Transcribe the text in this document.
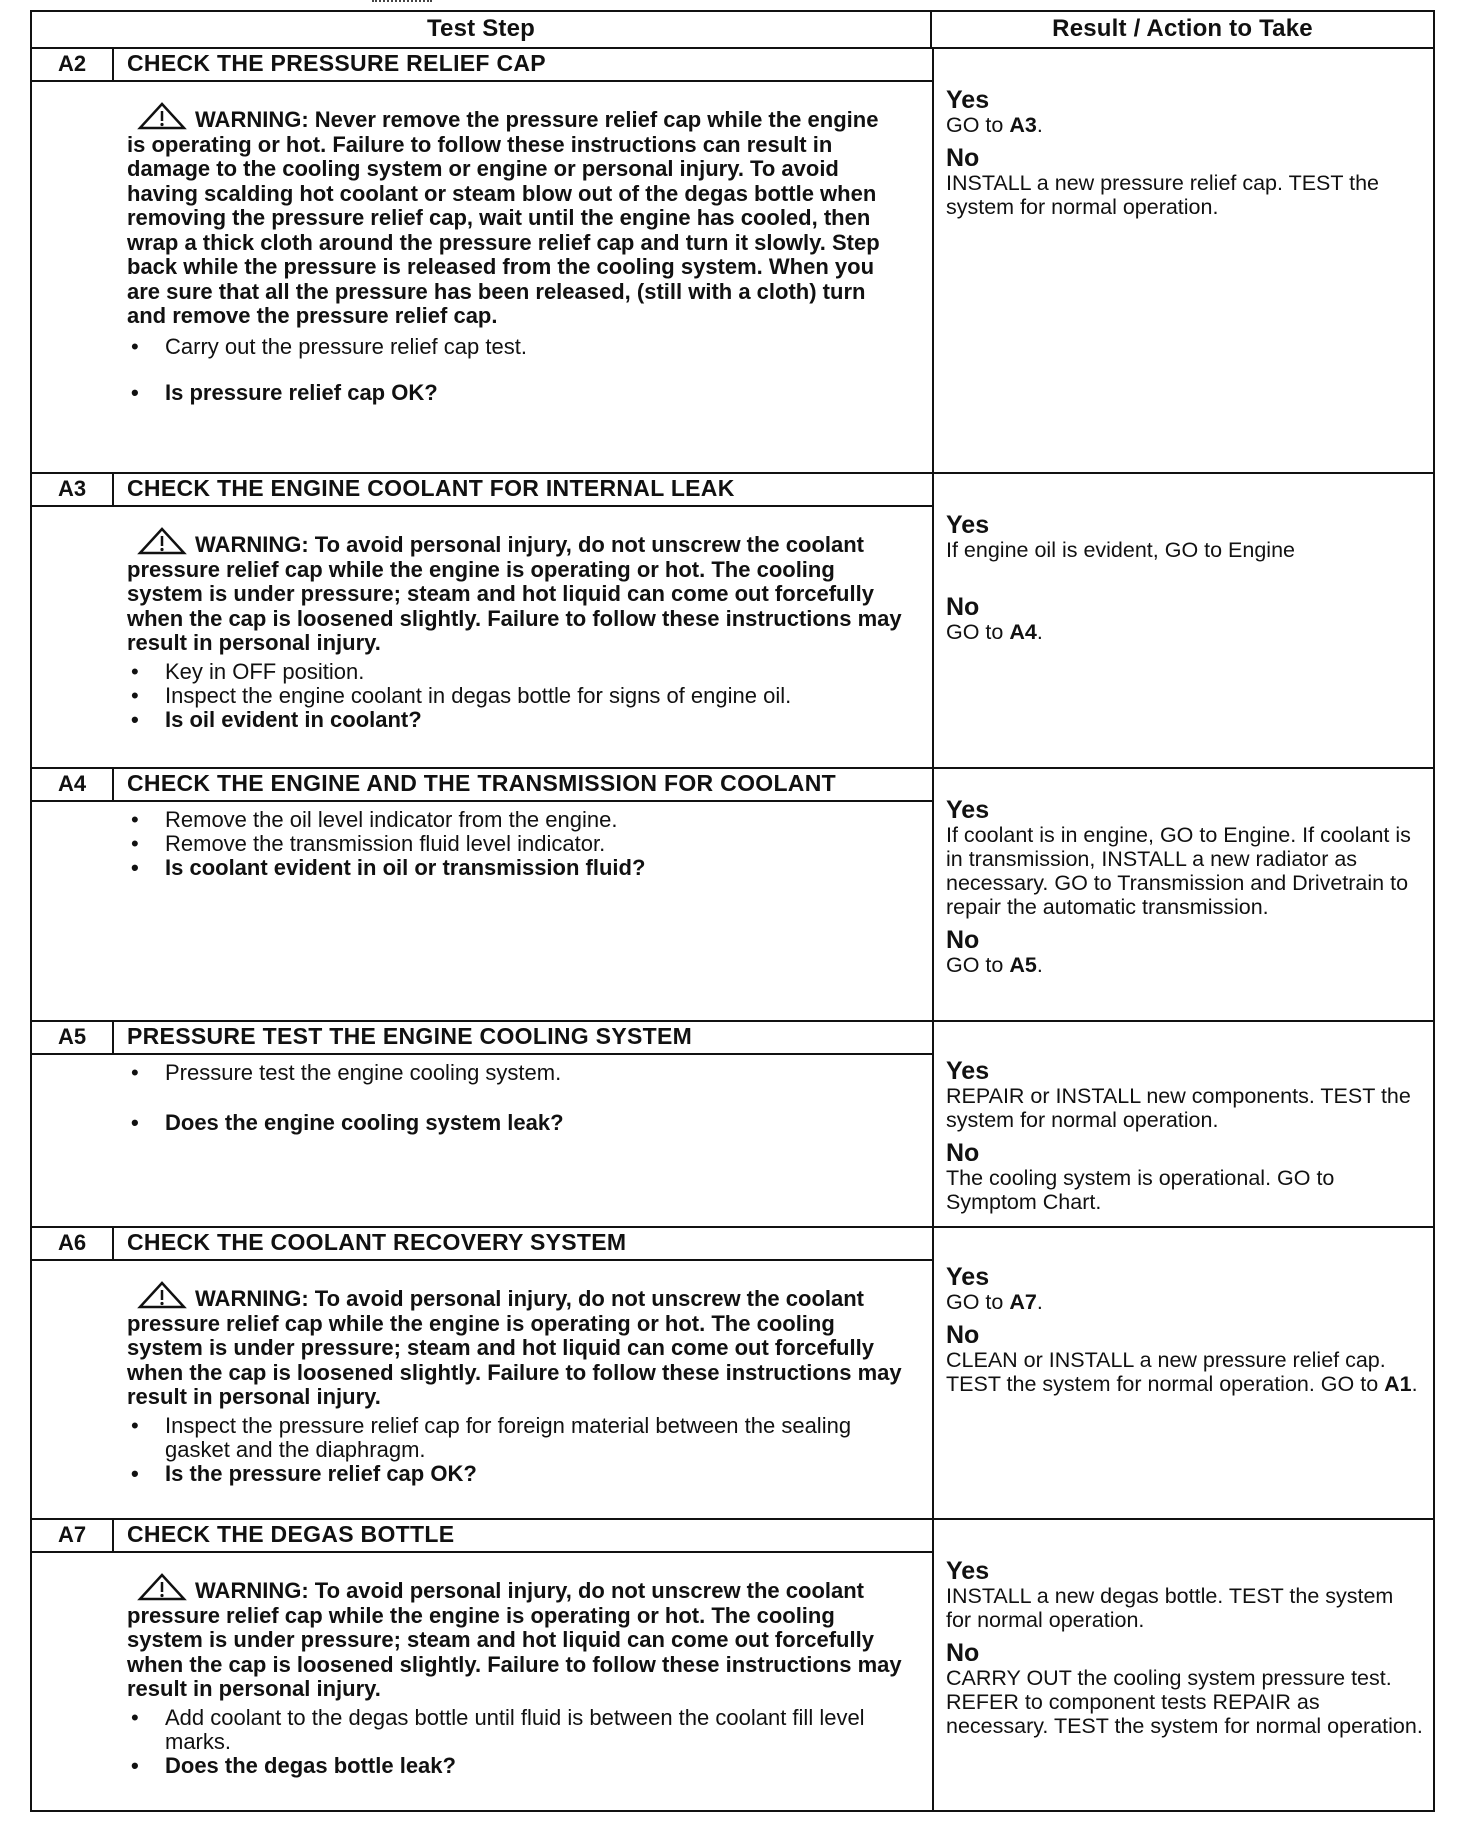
Test Step	Result / Action to Take
A2	CHECK THE PRESSURE RELIEF CAP
WARNING: Never remove the pressure relief cap while the engine is operating or hot. Failure to follow these instructions can result in damage to the cooling system or engine or personal injury. To avoid having scalding hot coolant or steam blow out of the degas bottle when removing the pressure relief cap, wait until the engine has cooled, then wrap a thick cloth around the pressure relief cap and turn it slowly. Step back while the pressure is released from the cooling system. When you are sure that all the pressure has been released, (still with a cloth) turn and remove the pressure relief cap.
• Carry out the pressure relief cap test.
• Is pressure relief cap OK?
Yes
GO to A3.
No
INSTALL a new pressure relief cap. TEST the system for normal operation.
A3	CHECK THE ENGINE COOLANT FOR INTERNAL LEAK
WARNING: To avoid personal injury, do not unscrew the coolant pressure relief cap while the engine is operating or hot. The cooling system is under pressure; steam and hot liquid can come out forcefully when the cap is loosened slightly. Failure to follow these instructions may result in personal injury.
• Key in OFF position.
• Inspect the engine coolant in degas bottle for signs of engine oil.
• Is oil evident in coolant?
Yes
If engine oil is evident, GO to Engine
No
GO to A4.
A4	CHECK THE ENGINE AND THE TRANSMISSION FOR COOLANT
• Remove the oil level indicator from the engine.
• Remove the transmission fluid level indicator.
• Is coolant evident in oil or transmission fluid?
Yes
If coolant is in engine, GO to Engine. If coolant is in transmission, INSTALL a new radiator as necessary. GO to Transmission and Drivetrain to repair the automatic transmission.
No
GO to A5.
A5	PRESSURE TEST THE ENGINE COOLING SYSTEM
• Pressure test the engine cooling system.
• Does the engine cooling system leak?
Yes
REPAIR or INSTALL new components. TEST the system for normal operation.
No
The cooling system is operational. GO to Symptom Chart.
A6	CHECK THE COOLANT RECOVERY SYSTEM
WARNING: To avoid personal injury, do not unscrew the coolant pressure relief cap while the engine is operating or hot. The cooling system is under pressure; steam and hot liquid can come out forcefully when the cap is loosened slightly. Failure to follow these instructions may result in personal injury.
• Inspect the pressure relief cap for foreign material between the sealing gasket and the diaphragm.
• Is the pressure relief cap OK?
Yes
GO to A7.
No
CLEAN or INSTALL a new pressure relief cap. TEST the system for normal operation. GO to A1.
A7	CHECK THE DEGAS BOTTLE
WARNING: To avoid personal injury, do not unscrew the coolant pressure relief cap while the engine is operating or hot. The cooling system is under pressure; steam and hot liquid can come out forcefully when the cap is loosened slightly. Failure to follow these instructions may result in personal injury.
• Add coolant to the degas bottle until fluid is between the coolant fill level marks.
• Does the degas bottle leak?
Yes
INSTALL a new degas bottle. TEST the system for normal operation.
No
CARRY OUT the cooling system pressure test. REFER to component tests REPAIR as necessary. TEST the system for normal operation.
